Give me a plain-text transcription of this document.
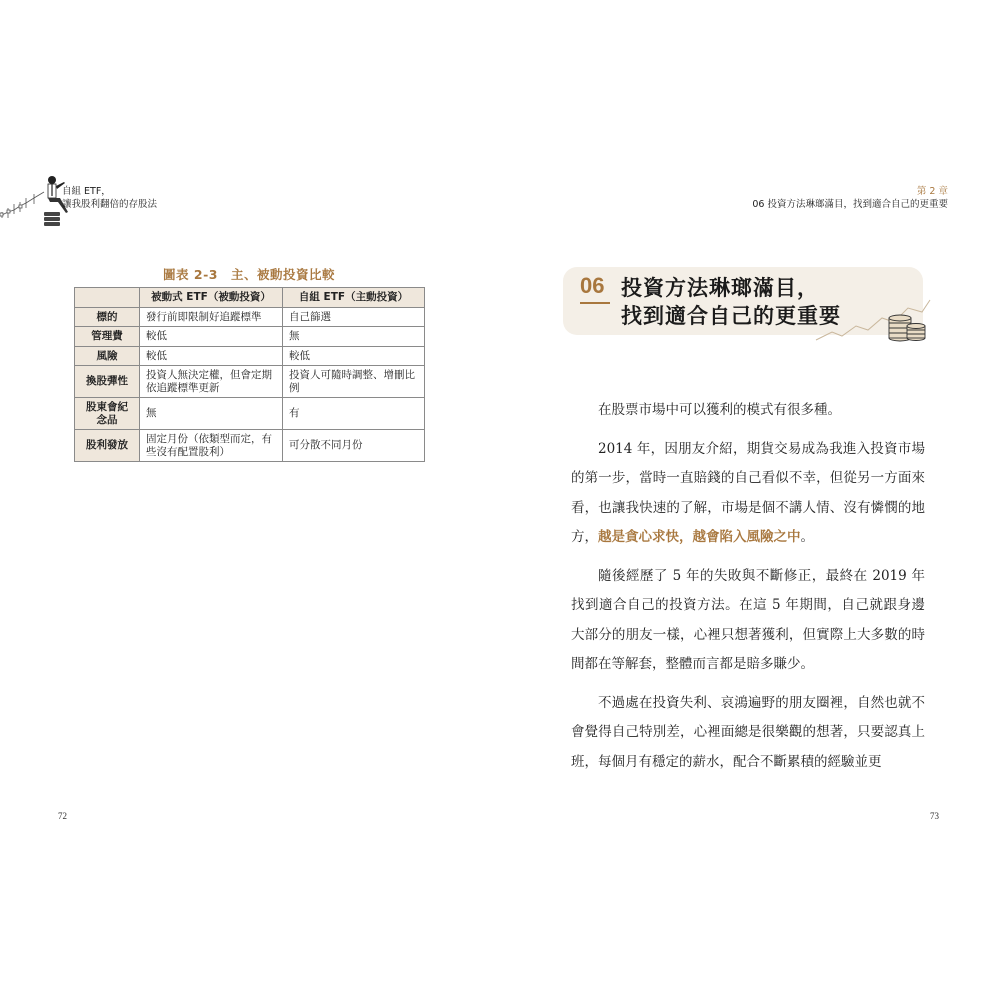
自組 ETF，
讓我股利翻倍的存股法
第 2 章
06 投資方法琳瑯滿目，找到適合自己的更重要
圖表 2-3　主、被動投資比較
	被動式 ETF（被動投資）	自組 ETF（主動投資）
標的	發行前即限制好追蹤標準	自己篩選
管理費	較低	無
風險	較低	較低
換股彈性	投資人無決定權，但會定期依追蹤標準更新	投資人可隨時調整、增刪比例
股東會紀念品	無	有
股利發放	固定月份（依類型而定，有些沒有配置股利）	可分散不同月份
06 投資方法琳瑯滿目，
找到適合自己的更重要

在股票市場中可以獲利的模式有很多種。

2014 年，因朋友介紹，期貨交易成為我進入投資市場的第一步，當時一直賠錢的自己看似不幸，但從另一方面來看，也讓我快速的了解，市場是個不講人情、沒有憐憫的地方，越是貪心求快，越會陷入風險之中。

隨後經歷了 5 年的失敗與不斷修正，最終在 2019 年找到適合自己的投資方法。在這 5 年期間，自己就跟身邊大部分的朋友一樣，心裡只想著獲利，但實際上大多數的時間都在等解套，整體而言都是賠多賺少。

不過處在投資失利、哀鴻遍野的朋友圈裡，自然也就不會覺得自己特別差，心裡面總是很樂觀的想著，只要認真上班，每個月有穩定的薪水，配合不斷累積的經驗並更

72	73
